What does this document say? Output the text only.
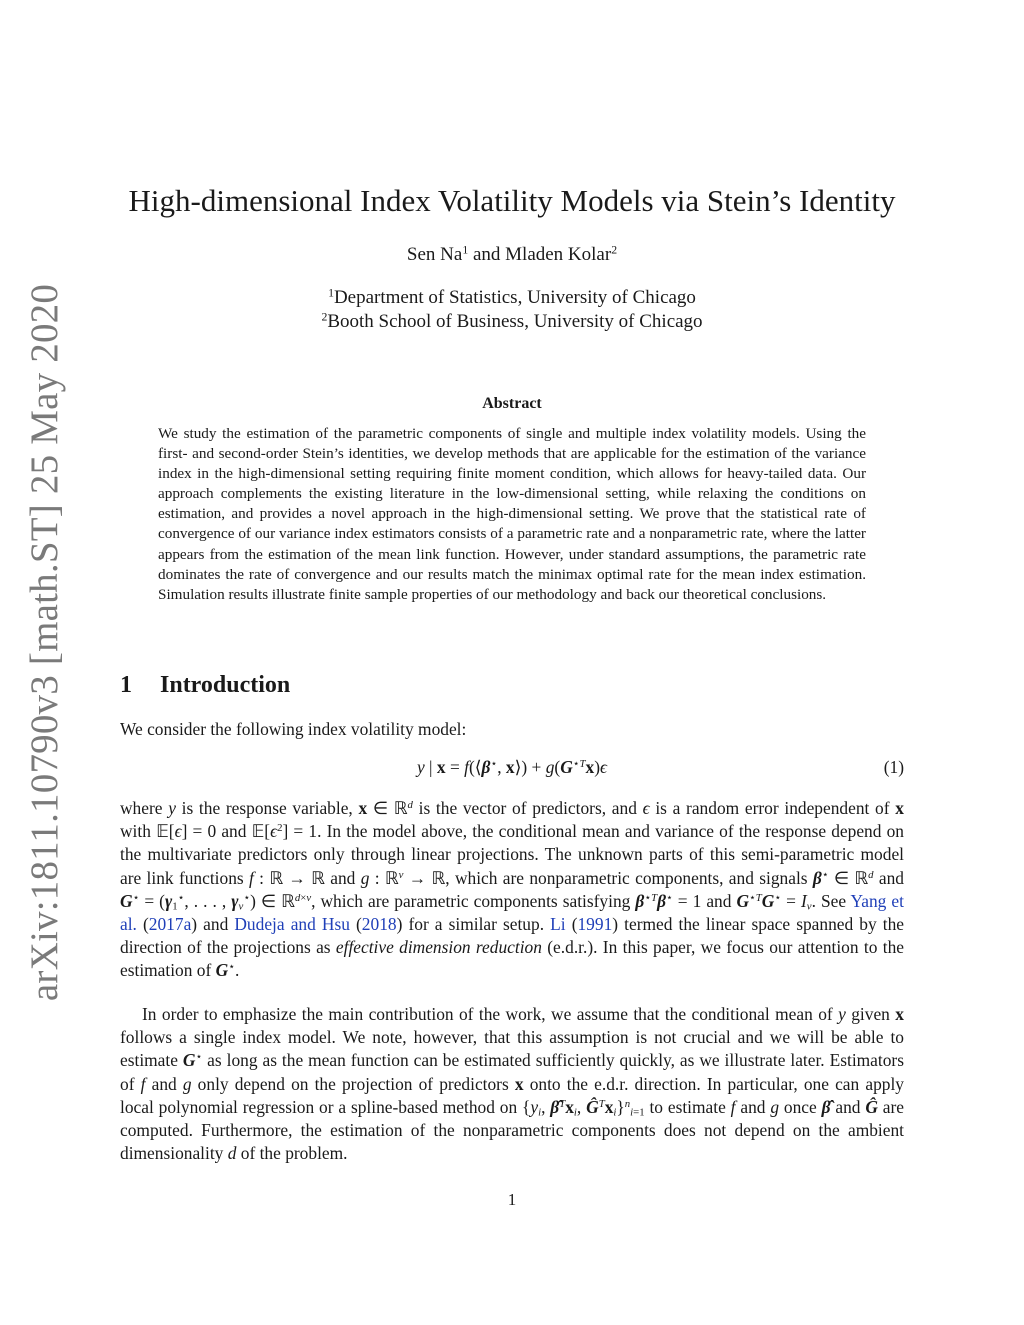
arXiv:1811.10790v3 [math.ST] 25 May 2020
High-dimensional Index Volatility Models via Stein’s Identity
Sen Na$^1$ and Mladen Kolar$^2$
$^1$Department of Statistics, University of Chicago
$^2$Booth School of Business, University of Chicago
Abstract

We study the estimation of the parametric components of single and multiple index volatility models. Using the first- and second-order Stein’s identities, we develop methods that are applicable for the estimation of the variance index in the high-dimensional setting requiring finite moment condition, which allows for heavy-tailed data. Our approach complements the existing literature in the low-dimensional setting, while relaxing the conditions on estimation, and provides a novel approach in the high-dimensional setting. We prove that the statistical rate of convergence of our variance index estimators consists of a parametric rate and a nonparametric rate, where the latter appears from the estimation of the mean link function. However, under standard assumptions, the parametric rate dominates the rate of convergence and our results match the minimax optimal rate for the mean index estimation. Simulation results illustrate finite sample properties of our methodology and back our theoretical conclusions.

1 Introduction

We consider the following index volatility model:

y | x = f(⟨β⋆, x⟩) + $g(G^{⋆T}x)\epsilon$	(1)

where y is the response variable, x ∈ ℝ$^d$ is the vector of predictors, and ϵ is a random error independent of x with 𝔼[ϵ] = 0 and $𝔼[\epsilon^2] = 1$. In the model above, the conditional mean and variance of the response depend on the multivariate predictors only through linear projections. The unknown parts of this semi-parametric model are link functions f : ℝ → ℝ and g : ℝ$^v$ → ℝ, which are nonparametric components, and signals β⋆ ∈ ℝ$^d$ and $G^⋆ = (\gamma_1^⋆$, . . . , $\gamma_v^⋆$) ∈ ℝ$^{d\times v}$, which are parametric components satisfying $\beta^{⋆T}\beta^⋆ = 1$ and $G^{⋆T}G^⋆ = I_v$. See Yang et al. (2017a) and Dudeja and Hsu (2018) for a similar setup. Li (1991) termed the linear space spanned by the direction of the projections as effective dimension reduction (e.d.r.). In this paper, we focus our attention to the estimation of G⋆.

In order to emphasize the main contribution of the work, we assume that the conditional mean of y given x follows a single index model. We note, however, that this assumption is not crucial and we will be able to estimate G⋆ as long as the mean function can be estimated sufficiently quickly, as we illustrate later. Estimators of f and g only depend on the projection of predictors x onto the e.d.r. direction. In particular, one can apply local polynomial regression or a spline-based method on {$y_i$, $\betâ^Tx_i$, $Ĝ^Tx_i\}^n_{i=1}$ to estimate f and g once β̂ and Ĝ are computed. Furthermore, the estimation of the nonparametric components does not depend on the ambient dimensionality d of the problem.

1
